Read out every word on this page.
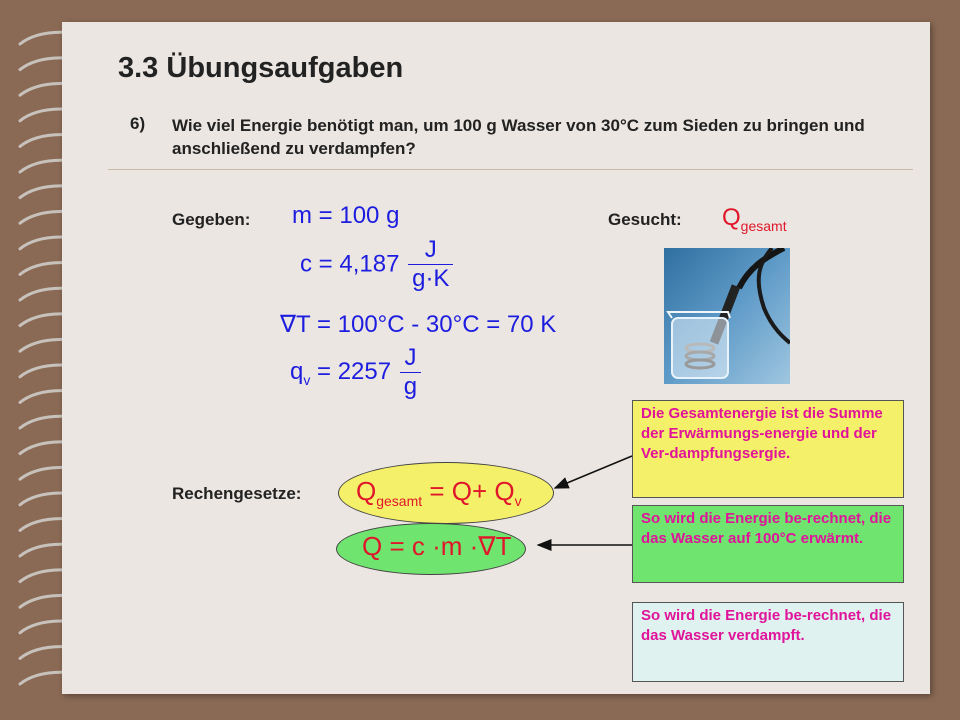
3.3 Übungsaufgaben
6) Wie viel Energie benötigt man, um 100 g Wasser von 30°C zum Sieden zu bringen und anschließend zu verdampfen?
Gegeben:	Gesucht:
Rechengesetze:
m = 100 g
$c = 4,187 \frac{J}{g\cdot K}$
∇T = 100°C - 30°C = 70 K
$q_v = 2257 \frac{J}{g}$
$Q_{gesamt}$
$Q_{gesamt} = Q+ Q_v$
Q = c ·m ·∇T
Die Gesamtenergie ist die Summe der Erwärmungs-energie und der Ver-dampfungsergie.
So wird die Energie be-rechnet, die das Wasser auf 100°C erwärmt.
So wird die Energie be-rechnet, die das Wasser verdampft.
